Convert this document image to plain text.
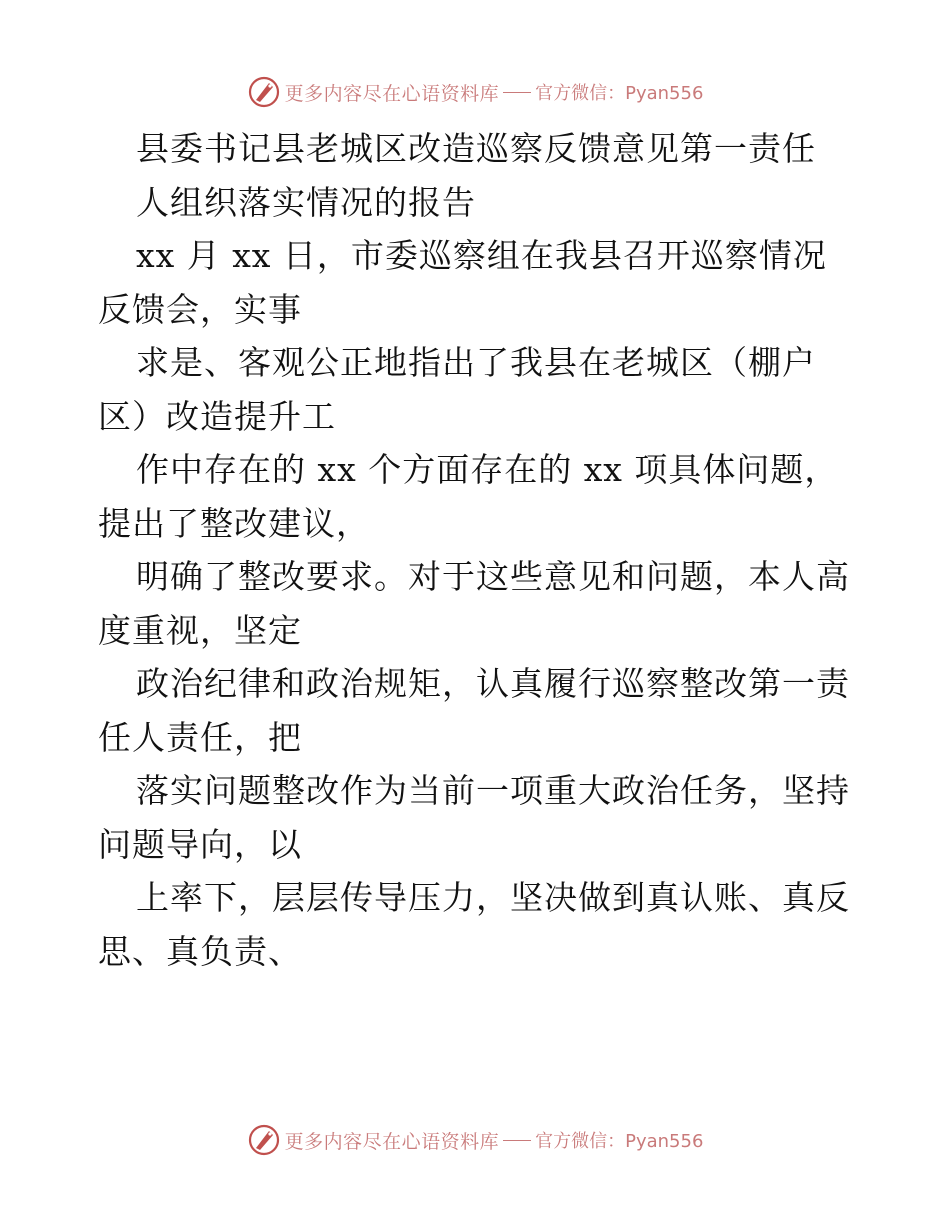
更多内容尽在心语资料库 官方微信：Pyan556
县委书记县老城区改造巡察反馈意见第一责任
人组织落实情况的报告
xx 月 xx 日，市委巡察组在我县召开巡察情况
反馈会，实事
求是、客观公正地指出了我县在老城区（棚户
区）改造提升工
作中存在的 xx 个方面存在的 xx 项具体问题，
提出了整改建议，
明确了整改要求。对于这些意见和问题，本人高
度重视，坚定
政治纪律和政治规矩，认真履行巡察整改第一责
任人责任，把
落实问题整改作为当前一项重大政治任务，坚持
问题导向，以
上率下，层层传导压力，坚决做到真认账、真反
思、真负责、
更多内容尽在心语资料库 官方微信：Pyan556
